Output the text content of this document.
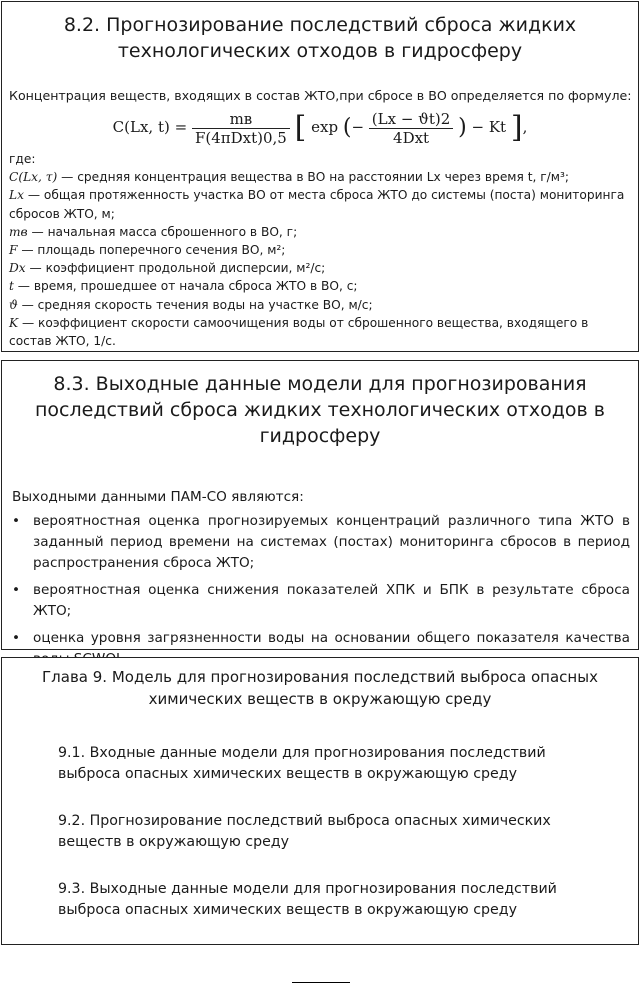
8.2. Прогнозирование последствий сброса жидких технологических отходов в гидросферу

Концентрация веществ, входящих в состав ЖТО,при сбросе в ВО определяется по формуле:

C(Lx, $t) = \frac{mв}{\text{F(4πDxt)0,5}}$ [ exp (− $\frac{(Lx - ϑt)2}{\text{4Dxt}}$ ) − Kt ],

где:

C(Lx, τ) — средняя концентрация вещества в ВО на расстоянии Lx через время t, г/м³;

Lx — общая протяженность участка ВО от места сброса ЖТО до системы (поста) мониторинга сбросов ЖТО, м;

mв — начальная масса сброшенного в ВО, г;

F — площадь поперечного сечения ВО, м²;

Dx — коэффициент продольной дисперсии, м²/с;

t — время, прошедшее от начала сброса ЖТО в ВО, с;

ϑ — средняя скорость течения воды на участке ВО, м/с;

K — коэффициент скорости самоочищения воды от сброшенного вещества, входящего в состав ЖТО, 1/с.

8.3. Выходные данные модели для прогнозирования последствий сброса жидких технологических отходов в гидросферу

Выходными данными ПАМ-СО являются:

• вероятностная оценка прогнозируемых концентраций различного типа ЖТО в заданный период времени на системах (постах) мониторинга сбросов в период распространения сброса ЖТО;
• вероятностная оценка снижения показателей ХПК и БПК в результате сброса ЖТО;
• оценка уровня загрязненности воды на основании общего показателя качества

Глава 9. Модель для прогнозирования последствий выброса опасных химических веществ в окружающую среду

9.1. Входные данные модели для прогнозирования последствий выброса опасных химических веществ в окружающую среду

9.2. Прогнозирование последствий выброса опасных химических веществ в окружающую среду

9.3. Выходные данные модели для прогнозирования последствий выброса опасных химических веществ в окружающую среду
